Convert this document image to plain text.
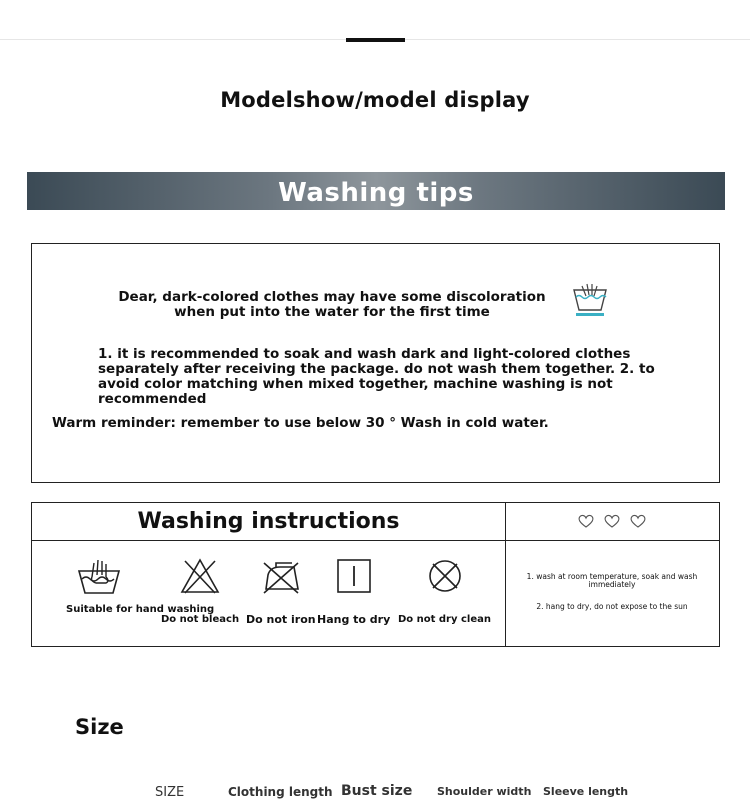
Modelshow/model display
Washing tips
Dear, dark-colored clothes may have some discoloration when put into the water for the first time
1. it is recommended to soak and wash dark and light-colored clothes separately after receiving the package. do not wash them together. 2. to avoid color matching when mixed together, machine washing is not recommended
Warm reminder: remember to use below 30 ° Wash in cold water.
Washing instructions
Suitable for hand washing
Do not bleach Do not iron Hang to dry Do not dry clean
1. wash at room temperature, soak and wash immediately
2. hang to dry, do not expose to the sun
Size
SIZE	Clothing length Bust size Shoulder width Sleeve length
